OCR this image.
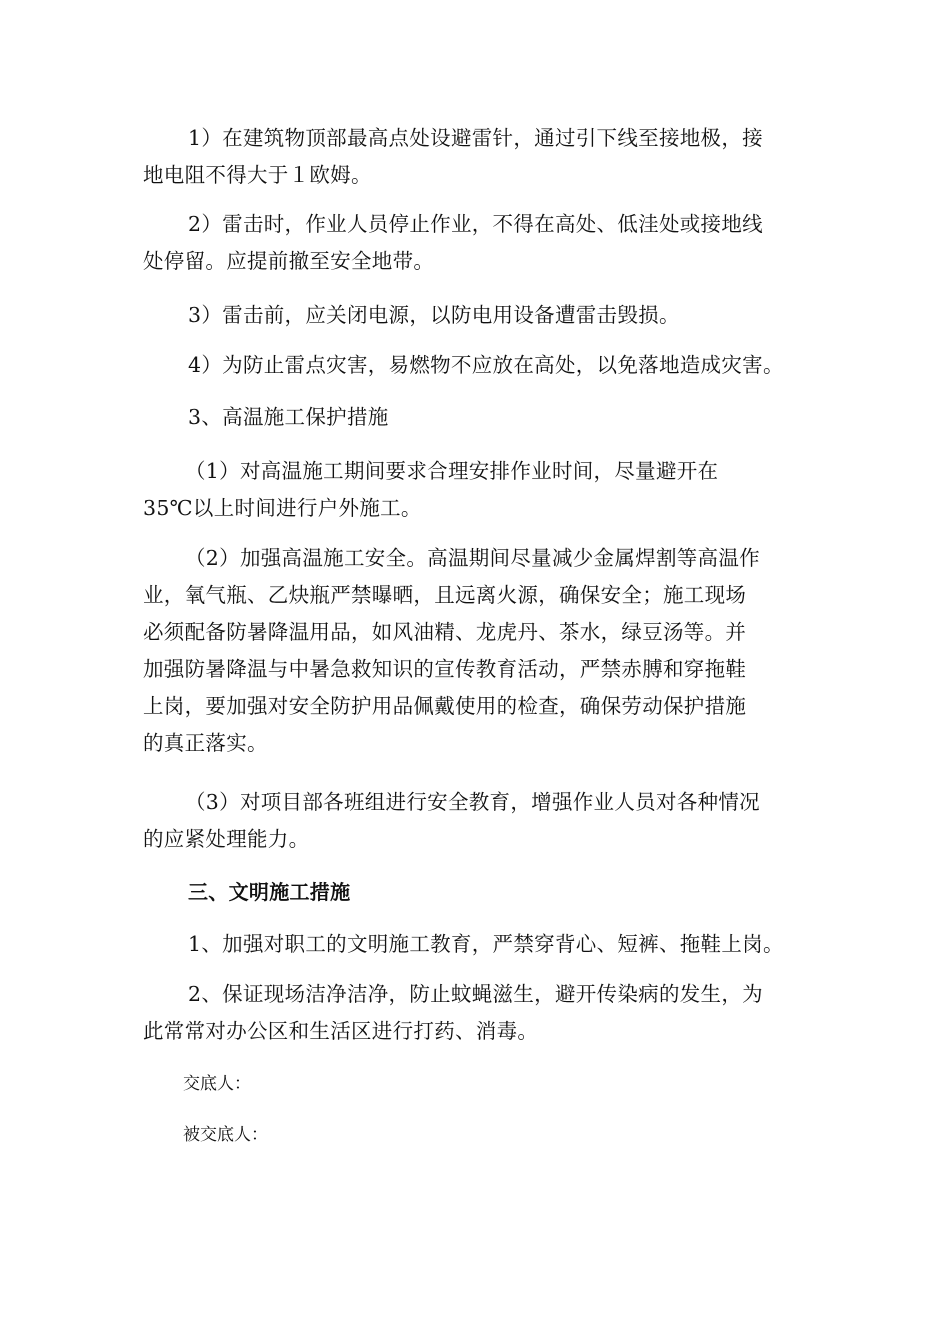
1）在建筑物顶部最高点处设避雷针，通过引下线至接地极，接
地电阻不得大于１欧姆。

2）雷击时，作业人员停止作业，不得在高处、低洼处或接地线
处停留。应提前撤至安全地带。

3）雷击前，应关闭电源，以防电用设备遭雷击毁损。

4）为防止雷点灾害，易燃物不应放在高处，以免落地造成灾害。

3、高温施工保护措施

（1）对高温施工期间要求合理安排作业时间，尽量避开在
35℃以上时间进行户外施工。

（2）加强高温施工安全。高温期间尽量减少金属焊割等高温作
业，氧气瓶、乙炔瓶严禁曝晒，且远离火源，确保安全；施工现场
必须配备防暑降温用品，如风油精、龙虎丹、茶水，绿豆汤等。并
加强防暑降温与中暑急救知识的宣传教育活动，严禁赤膊和穿拖鞋
上岗，要加强对安全防护用品佩戴使用的检查，确保劳动保护措施
的真正落实。

（3）对项目部各班组进行安全教育，增强作业人员对各种情况
的应紧处理能力。

三、文明施工措施

1、加强对职工的文明施工教育，严禁穿背心、短裤、拖鞋上岗。

2、保证现场洁净洁净，防止蚊蝇滋生，避开传染病的发生，为
此常常对办公区和生活区进行打药、消毒。

交底人：

被交底人：
